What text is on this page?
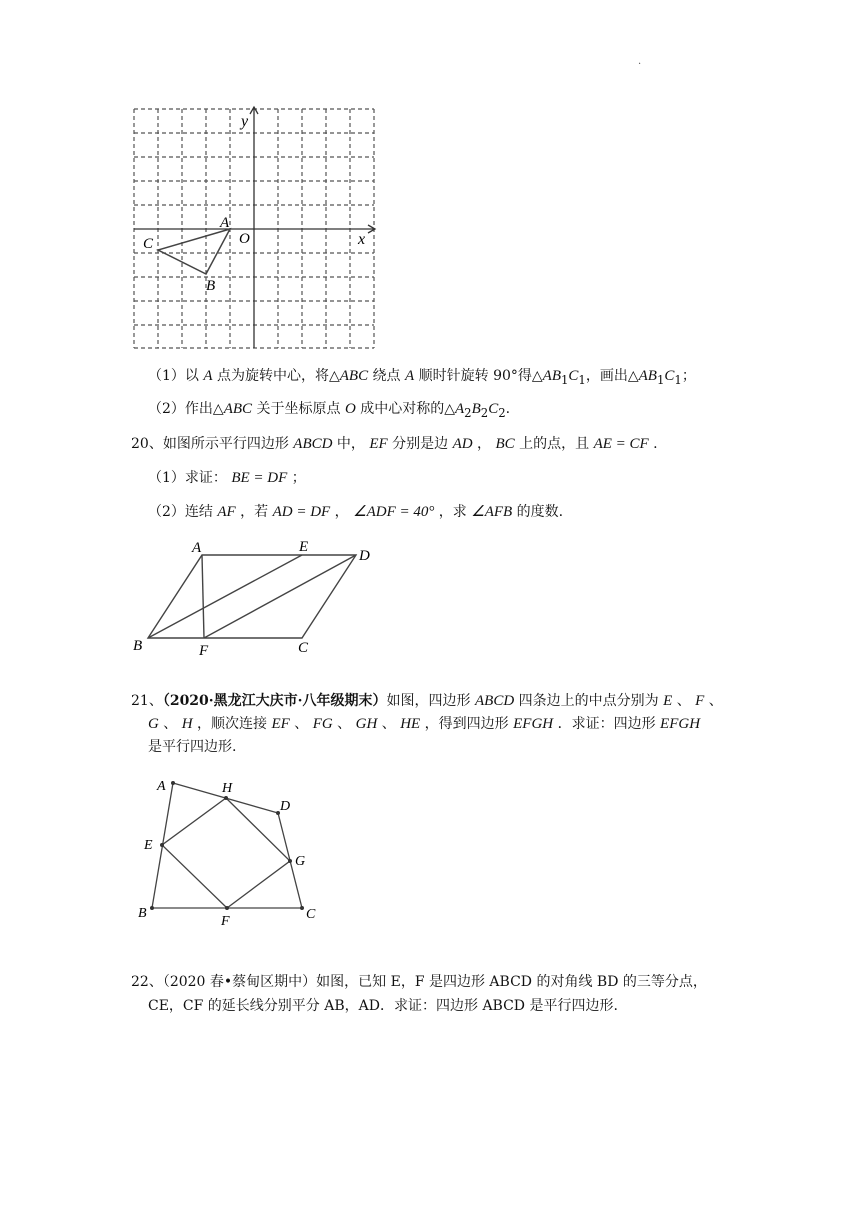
.
y
x
O
A
C
B
（1）以 A 点为旋转中心，将△ABC 绕点 A 顺时针旋转 90°得$\triangle AB_1C_1$，画出$\triangle AB_1C_1$；
（2）作出△ABC 关于坐标原点 O 成中心对称的$\triangle A_2B_2C_2$.
20、如图所示平行四边形 ABCD 中， EF 分别是边 AD ， BC 上的点，且 AE = CF .
（1）求证： BE = DF ；
（2）连结 AF ，若 AD = DF ， ∠ADF = 40° ，求 ∠AFB 的度数.
A	E
D
B	F	C
21、（2020·黑龙江大庆市·八年级期末）如图，四边形 ABCD 四条边上的中点分别为 E 、 F 、
G 、 H ，顺次连接 EF 、 FG 、 GH 、 HE ，得到四边形 EFGH ．求证：四边形 EFGH
是平行四边形.
A	H
D
E
G
B
F	C
22、（2020 春•蔡甸区期中）如图，已知 E，F 是四边形 ABCD 的对角线 BD 的三等分点，
CE，CF 的延长线分别平分 AB，AD．求证：四边形 ABCD 是平行四边形.
